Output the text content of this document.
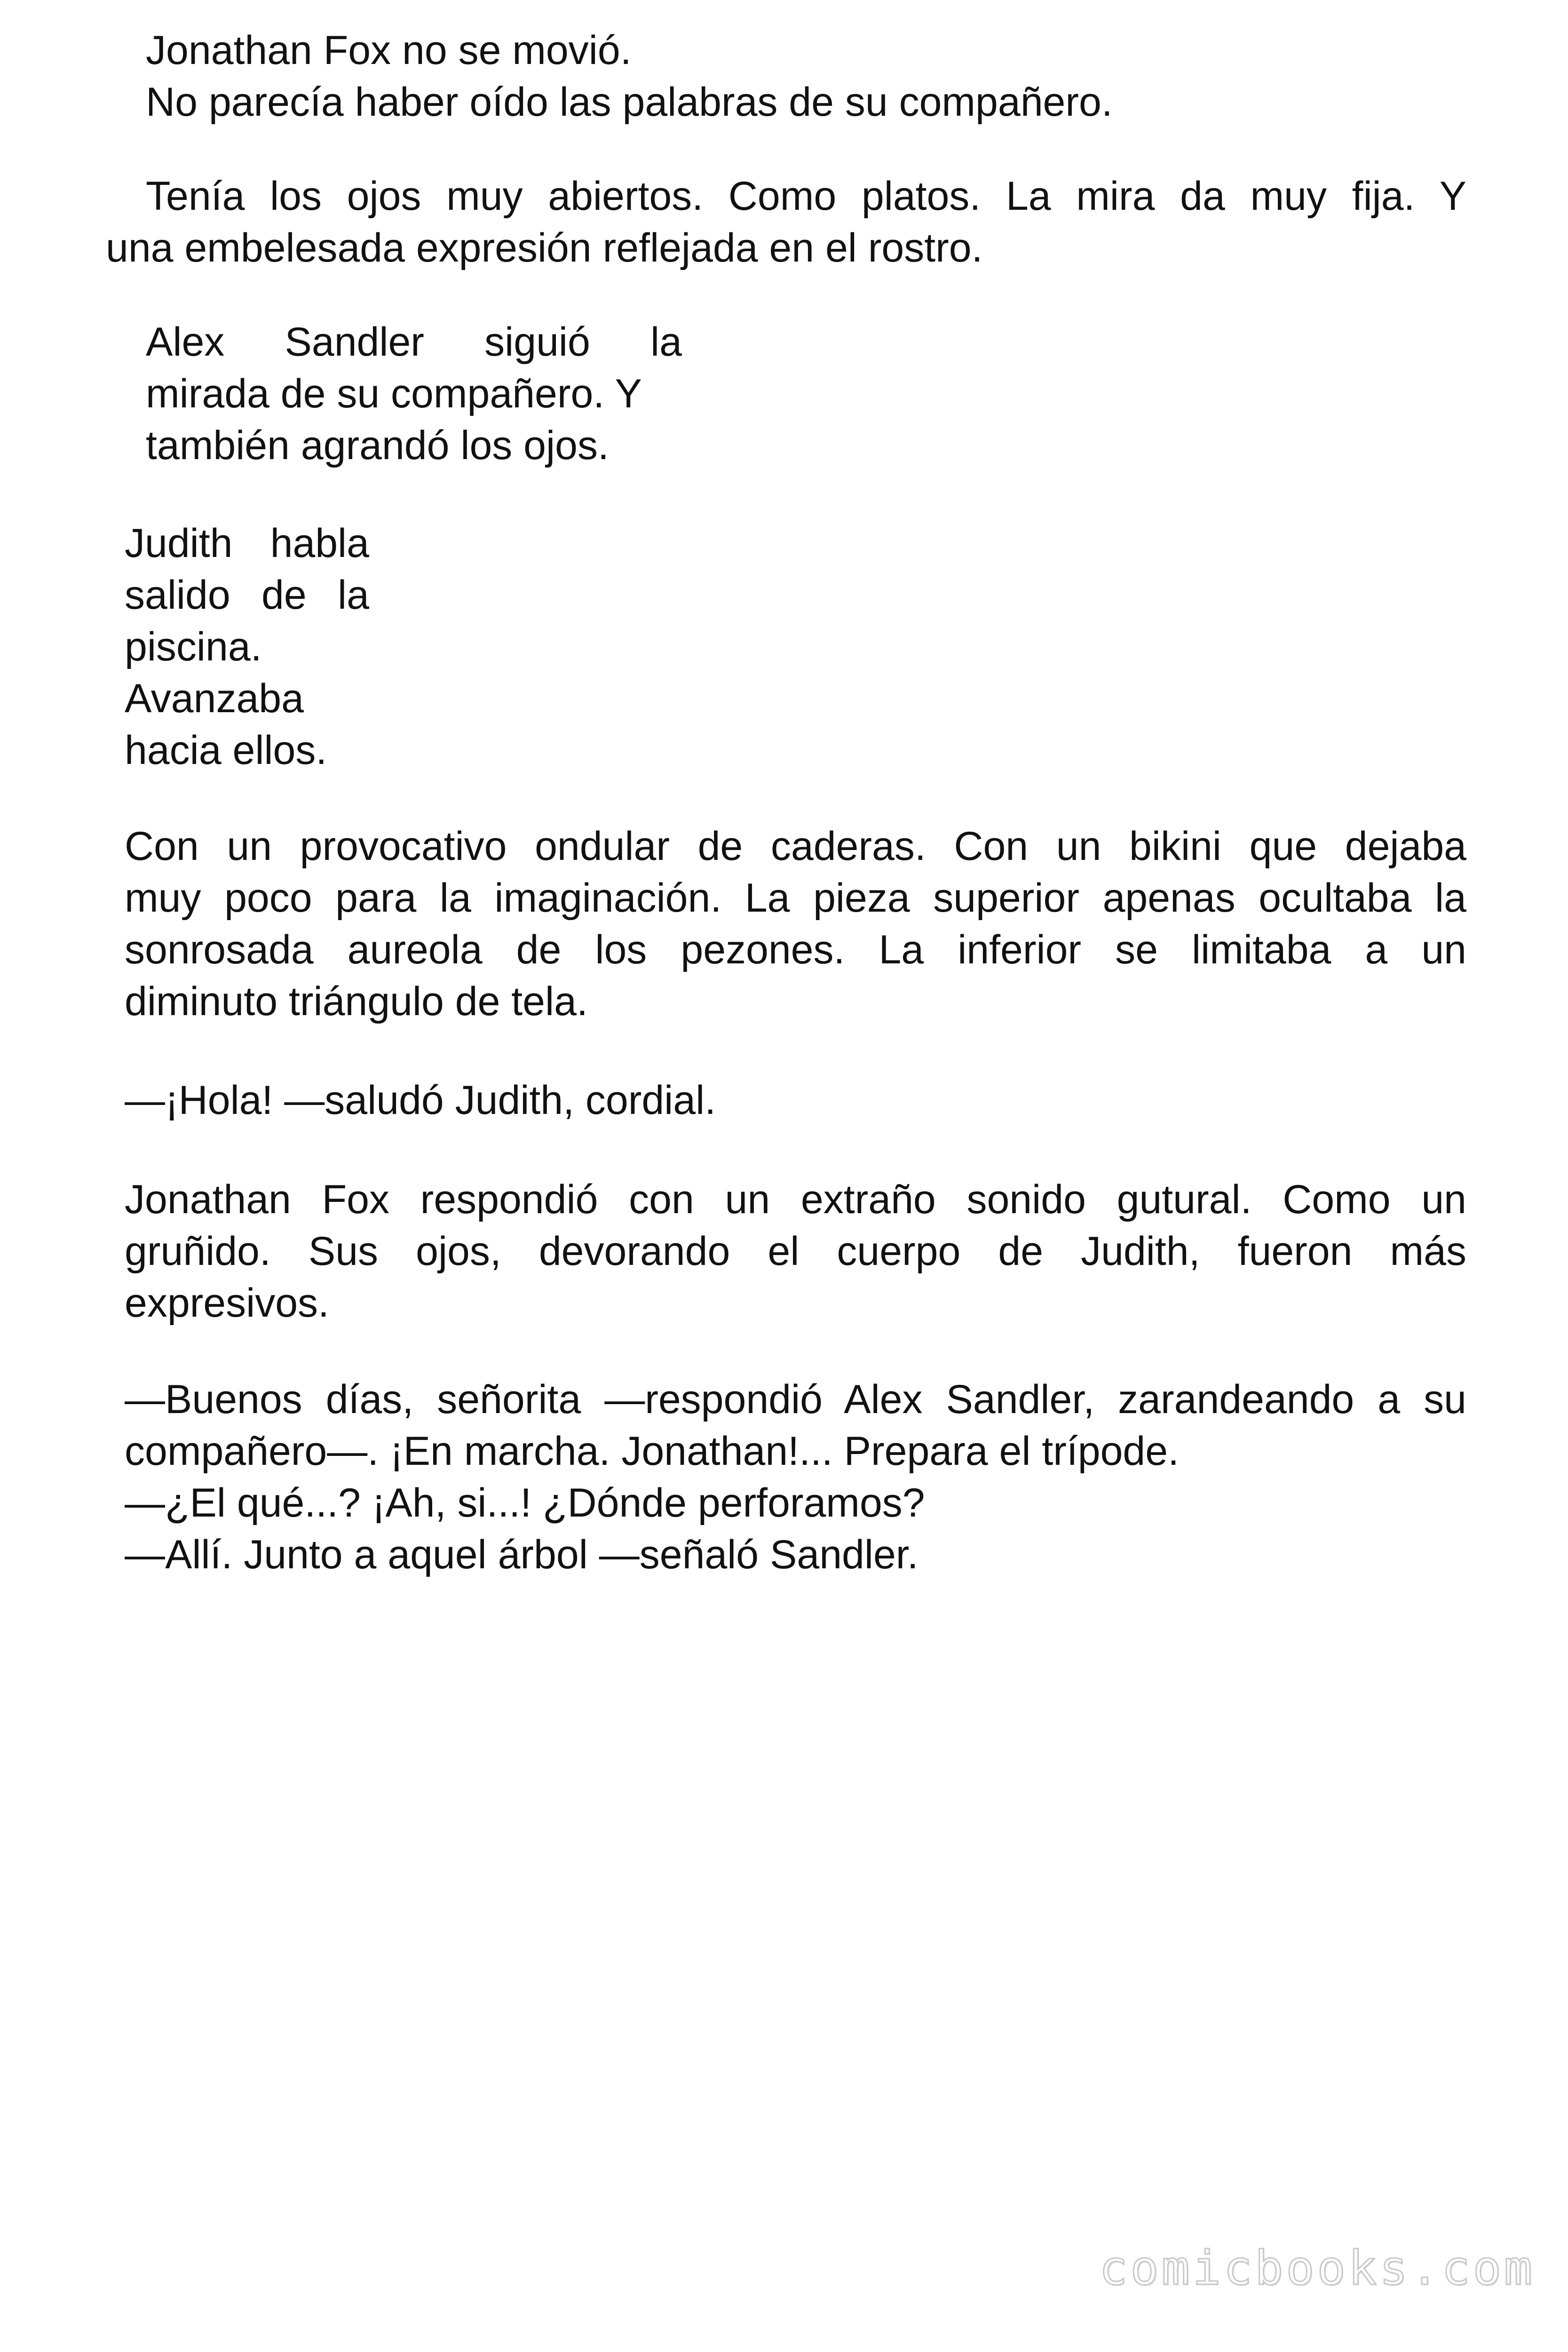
Jonathan Fox no se movió.
No parecía haber oído las palabras de su compañero.
Tenía los ojos muy abiertos. Como platos. La mira da muy fija. Y
una embelesada expresión reflejada en el rostro.
Alex Sandler siguió la
mirada de su compañero. Y
también agrandó los ojos.
Judith habla
salido de la
piscina.
Avanzaba
hacia ellos.
Con un provocativo ondular de caderas. Con un bikini que dejaba
muy poco para la imaginación. La pieza superior apenas ocultaba la
sonrosada aureola de los pezones. La inferior se limitaba a un
diminuto triángulo de tela.
—¡Hola! —saludó Judith, cordial.
Jonathan Fox respondió con un extraño sonido gutural. Como un
gruñido. Sus ojos, devorando el cuerpo de Judith, fueron más
expresivos.
—Buenos días, señorita —respondió Alex Sandler, zarandeando a su
compañero—. ¡En marcha. Jonathan!... Prepara el trípode.
—¿El qué...? ¡Ah, si...! ¿Dónde perforamos?
—Allí. Junto a aquel árbol —señaló Sandler.
comicbooks.com
